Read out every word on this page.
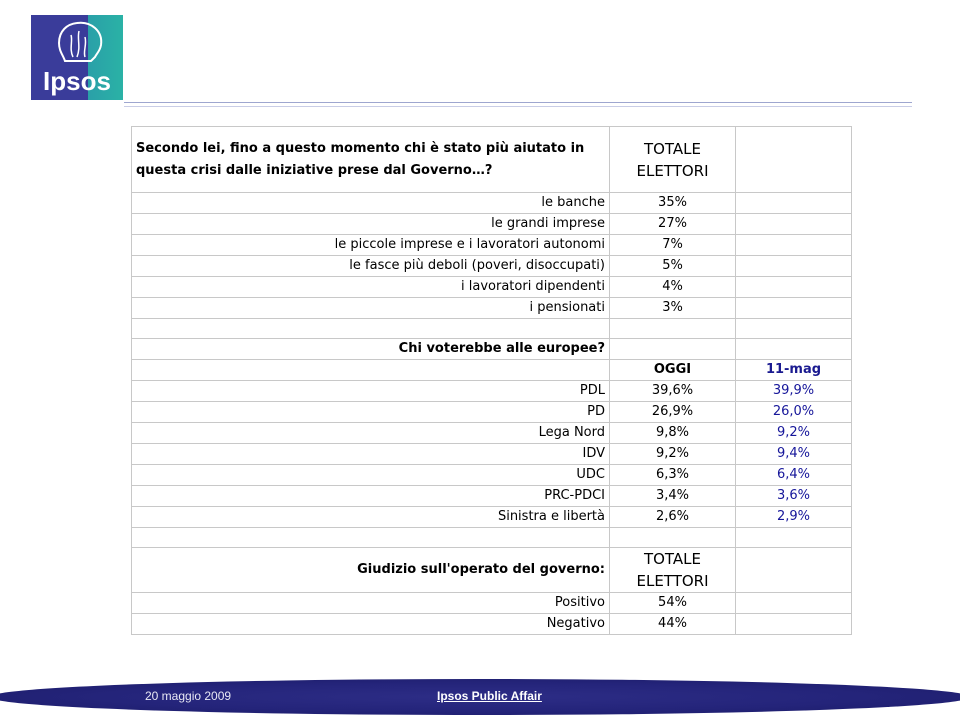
Ipsos
Secondo lei, fino a questo momento chi è stato più aiutato in questa crisi dalle iniziative prese dal Governo…?	TOTALE ELETTORI	
le banche	35%	
le grandi imprese	27%	
le piccole imprese e i lavoratori autonomi	7%	
le fasce più deboli (poveri, disoccupati)	5%	
i lavoratori dipendenti	4%	
i pensionati	3%	

Chi voterebbe alle europee?		
	OGGI	11-mag
PDL	39,6%	39,9%
PD	26,9%	26,0%
Lega Nord	9,8%	9,2%
IDV	9,2%	9,4%
UDC	6,3%	6,4%
PRC-PDCI	3,4%	3,6%
Sinistra e libertà	2,6%	2,9%

Giudizio sull'operato del governo:	TOTALE ELETTORI	
Positivo	54%	
Negativo	44%	
20 maggio 2009	Ipsos Public Affair
